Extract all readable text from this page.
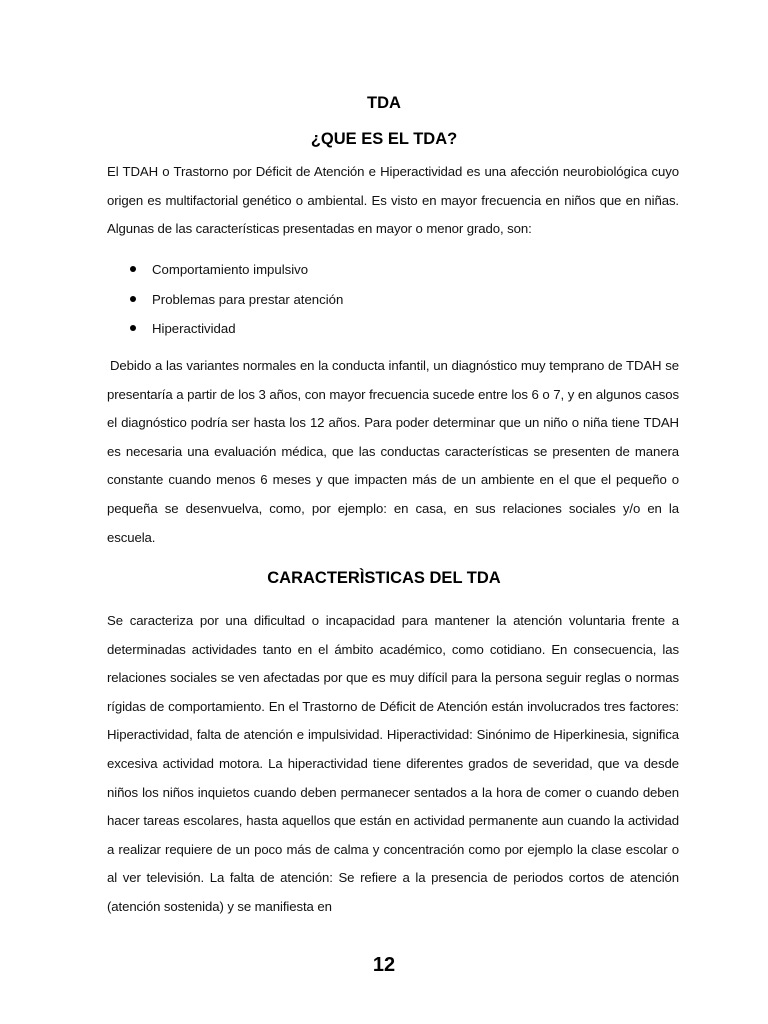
TDA
¿QUE ES EL TDA?

El TDAH o Trastorno por Déficit de Atención e Hiperactividad es una afección neurobiológica cuyo origen es multifactorial genético o ambiental. Es visto en mayor frecuencia en niños que en niñas. Algunas de las características presentadas en mayor o menor grado, son:

Comportamiento impulsivo
Problemas para prestar atención
Hiperactividad

Debido a las variantes normales en la conducta infantil, un diagnóstico muy temprano de TDAH se presentaría a partir de los 3 años, con mayor frecuencia sucede entre los 6 o 7, y en algunos casos el diagnóstico podría ser hasta los 12 años. Para poder determinar que un niño o niña tiene TDAH es necesaria una evaluación médica, que las conductas características se presenten de manera constante cuando menos 6 meses y que impacten más de un ambiente en el que el pequeño o pequeña se desenvuelva, como, por ejemplo: en casa, en sus relaciones sociales y/o en la escuela.

CARACTERÌSTICAS DEL TDA

Se caracteriza por una dificultad o incapacidad para mantener la atención voluntaria frente a determinadas actividades tanto en el ámbito académico, como cotidiano. En consecuencia, las relaciones sociales se ven afectadas por que es muy difícil para la persona seguir reglas o normas rígidas de comportamiento. En el Trastorno de Déficit de Atención están involucrados tres factores: Hiperactividad, falta de atención e impulsividad. Hiperactividad: Sinónimo de Hiperkinesia, significa excesiva actividad motora. La hiperactividad tiene diferentes grados de severidad, que va desde niños los niños inquietos cuando deben permanecer sentados a la hora de comer o cuando deben hacer tareas escolares, hasta aquellos que están en actividad permanente aun cuando la actividad a realizar requiere de un poco más de calma y concentración como por ejemplo la clase escolar o al ver televisión. La falta de atención: Se refiere a la presencia de periodos cortos de atención (atención sostenida) y se manifiesta en

12
